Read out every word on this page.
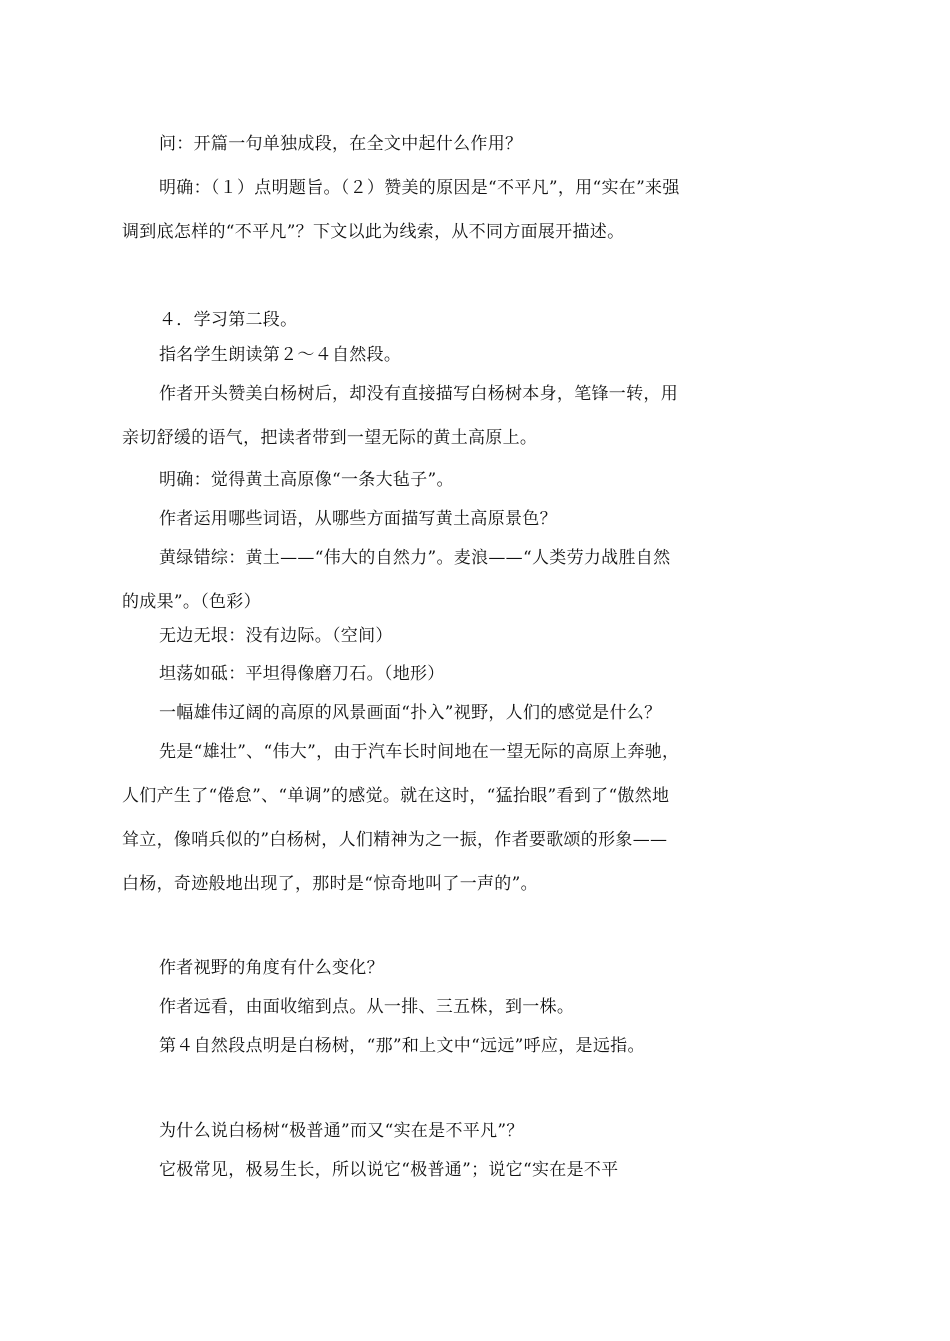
问：开篇一句单独成段，在全文中起什么作用？

明确：（１）点明题旨。（２）赞美的原因是“不平凡”，用“实在”来强调到底怎样的“不平凡”？下文以此为线索，从不同方面展开描述。

４．学习第二段。

指名学生朗读第２～４自然段。

作者开头赞美白杨树后，却没有直接描写白杨树本身，笔锋一转，用亲切舒缓的语气，把读者带到一望无际的黄土高原上。

明确：觉得黄土高原像“一条大毡子”。

作者运用哪些词语，从哪些方面描写黄土高原景色？

黄绿错综：黄土——“伟大的自然力”。麦浪——“人类劳力战胜自然的成果”。（色彩）

无边无垠：没有边际。（空间）

坦荡如砥：平坦得像磨刀石。（地形）

一幅雄伟辽阔的高原的风景画面“扑入”视野，人们的感觉是什么？

先是“雄壮”、“伟大”，由于汽车长时间地在一望无际的高原上奔驰，人们产生了“倦怠”、“单调”的感觉。就在这时，“猛抬眼”看到了“傲然地耸立，像哨兵似的”白杨树，人们精神为之一振，作者要歌颂的形象——白杨，奇迹般地出现了，那时是“惊奇地叫了一声的”。

作者视野的角度有什么变化？

作者远看，由面收缩到点。从一排、三五株，到一株。

第４自然段点明是白杨树，“那”和上文中“远远”呼应，是远指。

为什么说白杨树“极普通”而又“实在是不平凡”？

它极常见，极易生长，所以说它“极普通”；说它“实在是不平
